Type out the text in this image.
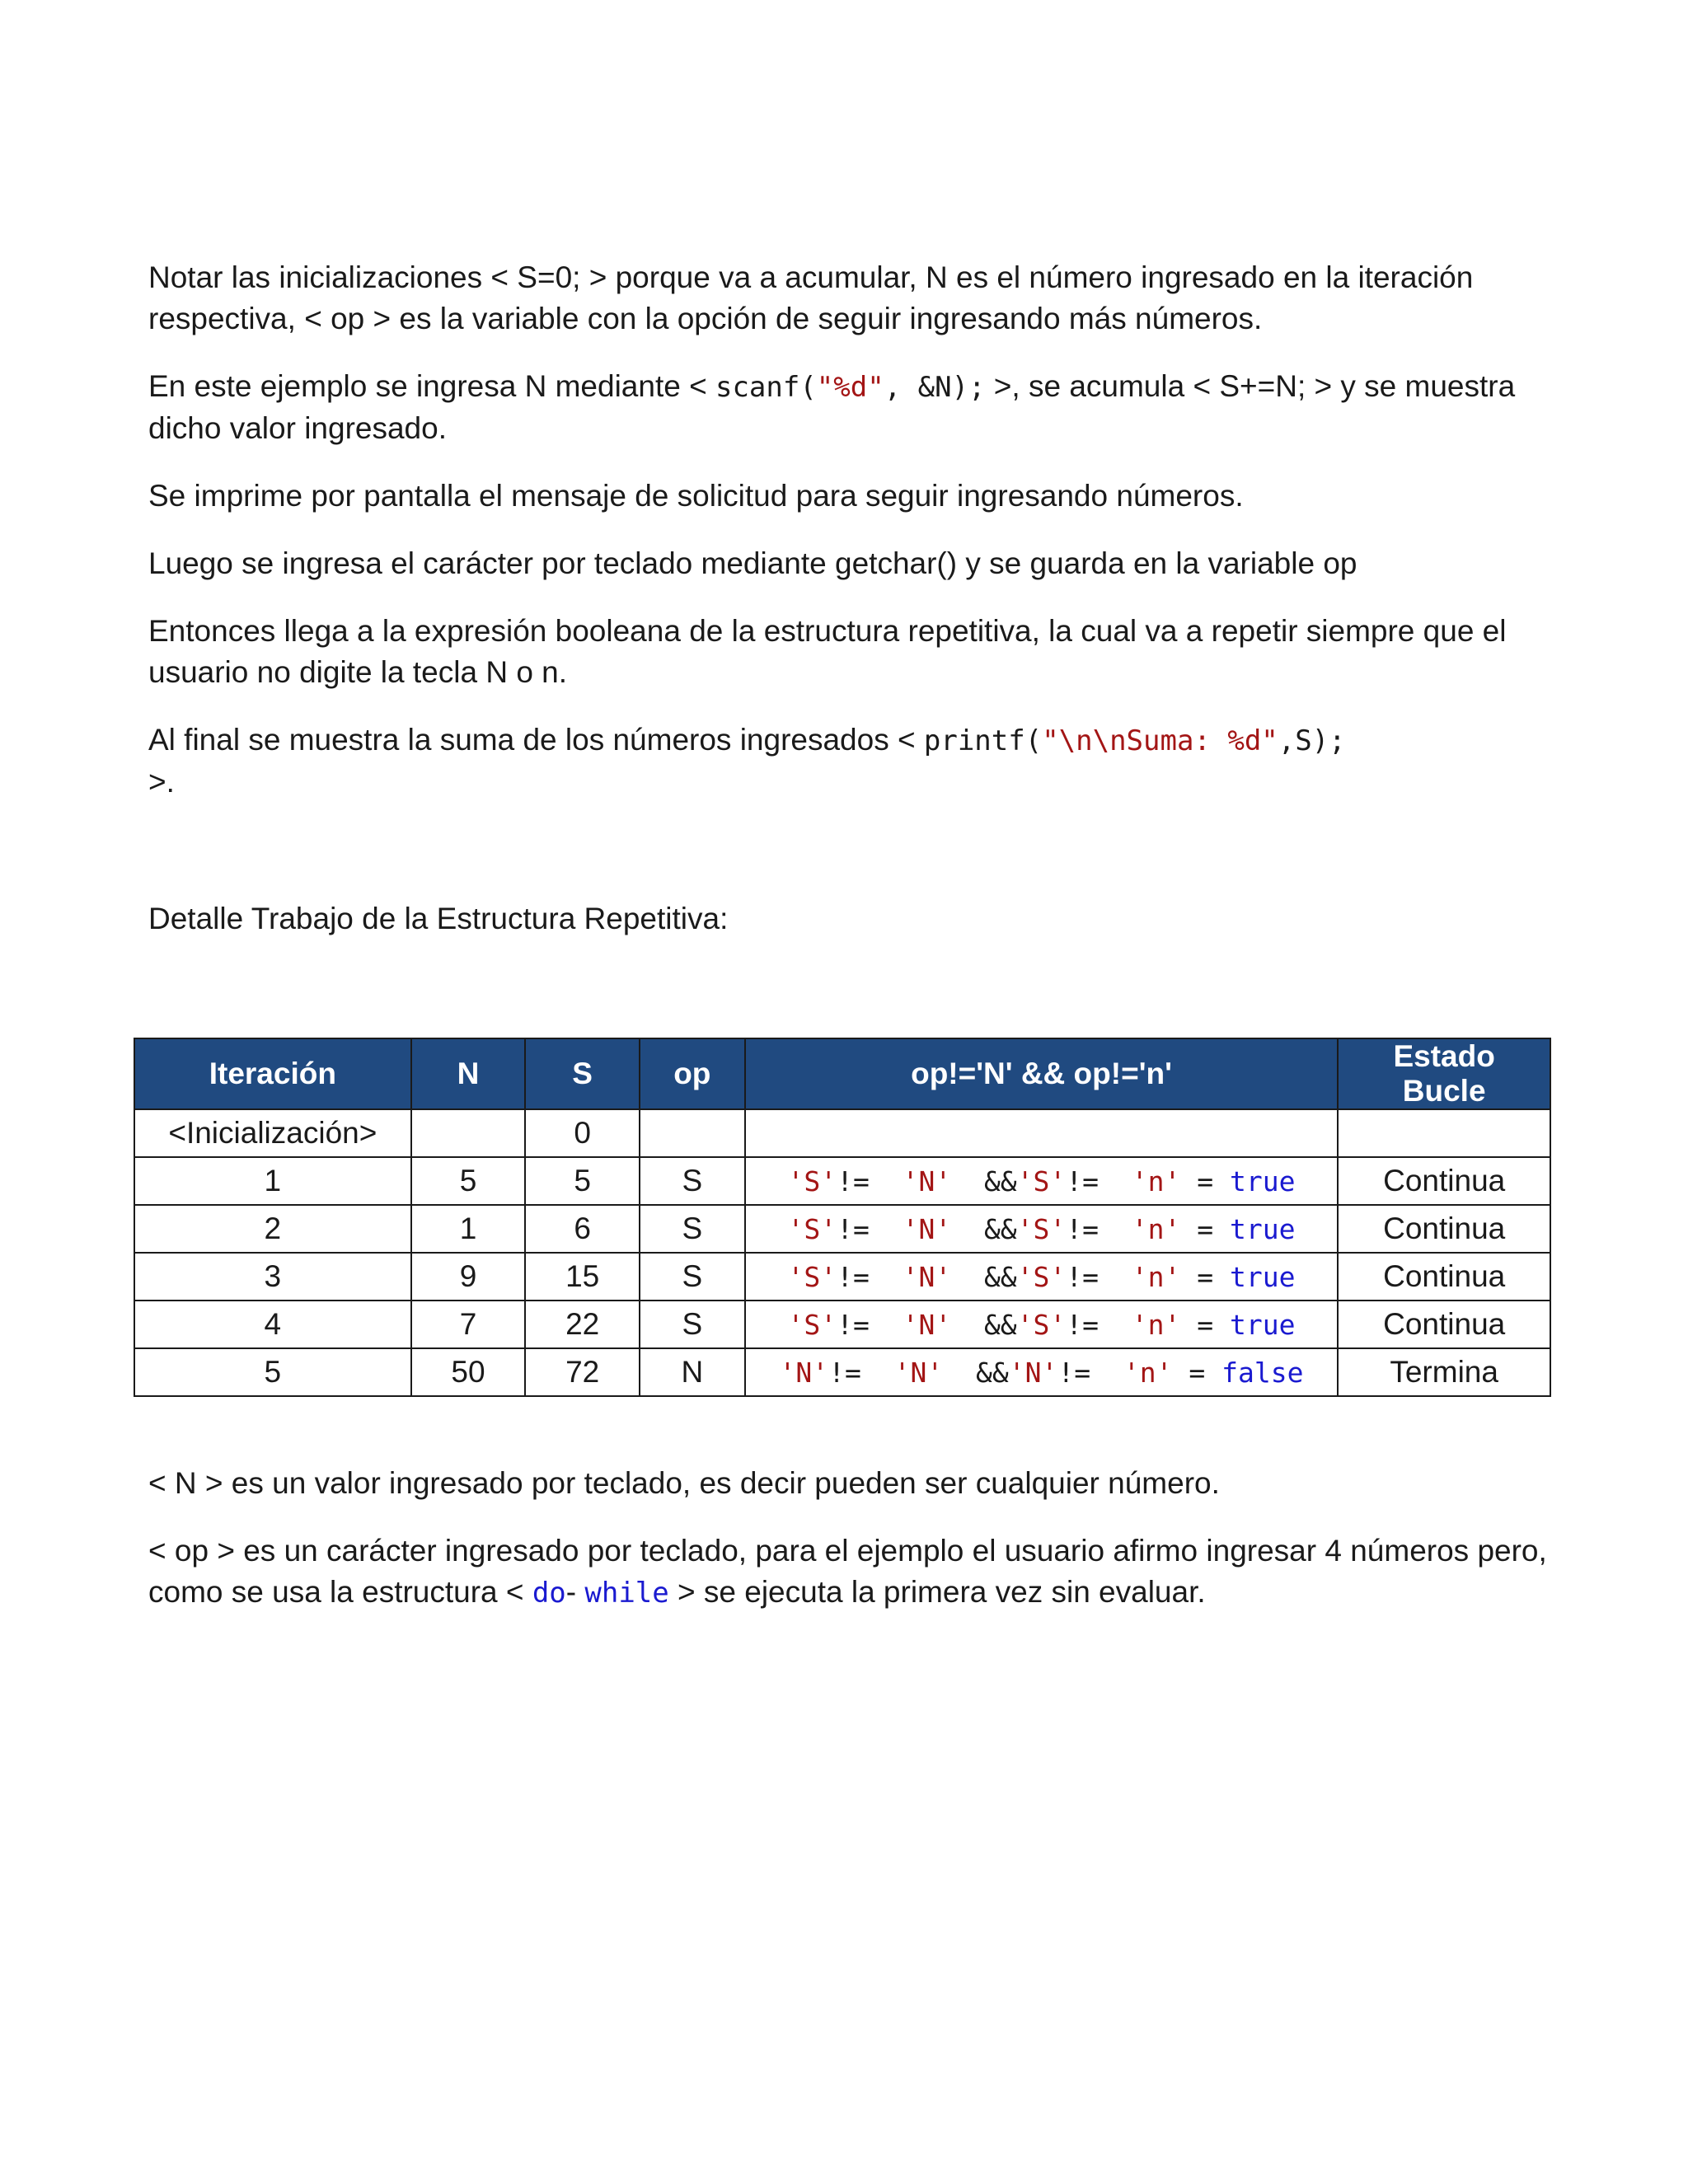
Notar las inicializaciones < S=0; > porque va a acumular, N es el número ingresado en la iteración respectiva, < op > es la variable con la opción de seguir ingresando más números.

En este ejemplo se ingresa N mediante < scanf("%d", &N); >, se acumula < S+=N; > y se muestra dicho valor ingresado.

Se imprime por pantalla el mensaje de solicitud para seguir ingresando números.

Luego se ingresa el carácter por teclado mediante getchar() y se guarda en la variable op

Entonces llega a la expresión booleana de la estructura repetitiva, la cual va a repetir siempre que el usuario no digite la tecla N o n.

Al final se muestra la suma de los números ingresados < printf("\n\nSuma: %d",S);
>.

Detalle Trabajo de la Estructura Repetitiva:
Iteración	N	S	op	op!='N' && op!='n'	Estado
Bucle
<Inicialización>		0			
1	5	5	S	'S'!= 'N' &&'S'!= 'n' = true	Continua
2	1	6	S	'S'!= 'N' &&'S'!= 'n' = true	Continua
3	9	15	S	'S'!= 'N' &&'S'!= 'n' = true	Continua
4	7	22	S	'S'!= 'N' &&'S'!= 'n' = true	Continua
5	50	72	N	'N'!= 'N' &&'N'!= 'n' = false	Termina

< N > es un valor ingresado por teclado, es decir pueden ser cualquier número.

< op > es un carácter ingresado por teclado, para el ejemplo el usuario afirmo ingresar 4 números pero, como se usa la estructura < do- while > se ejecuta la primera vez sin evaluar.
